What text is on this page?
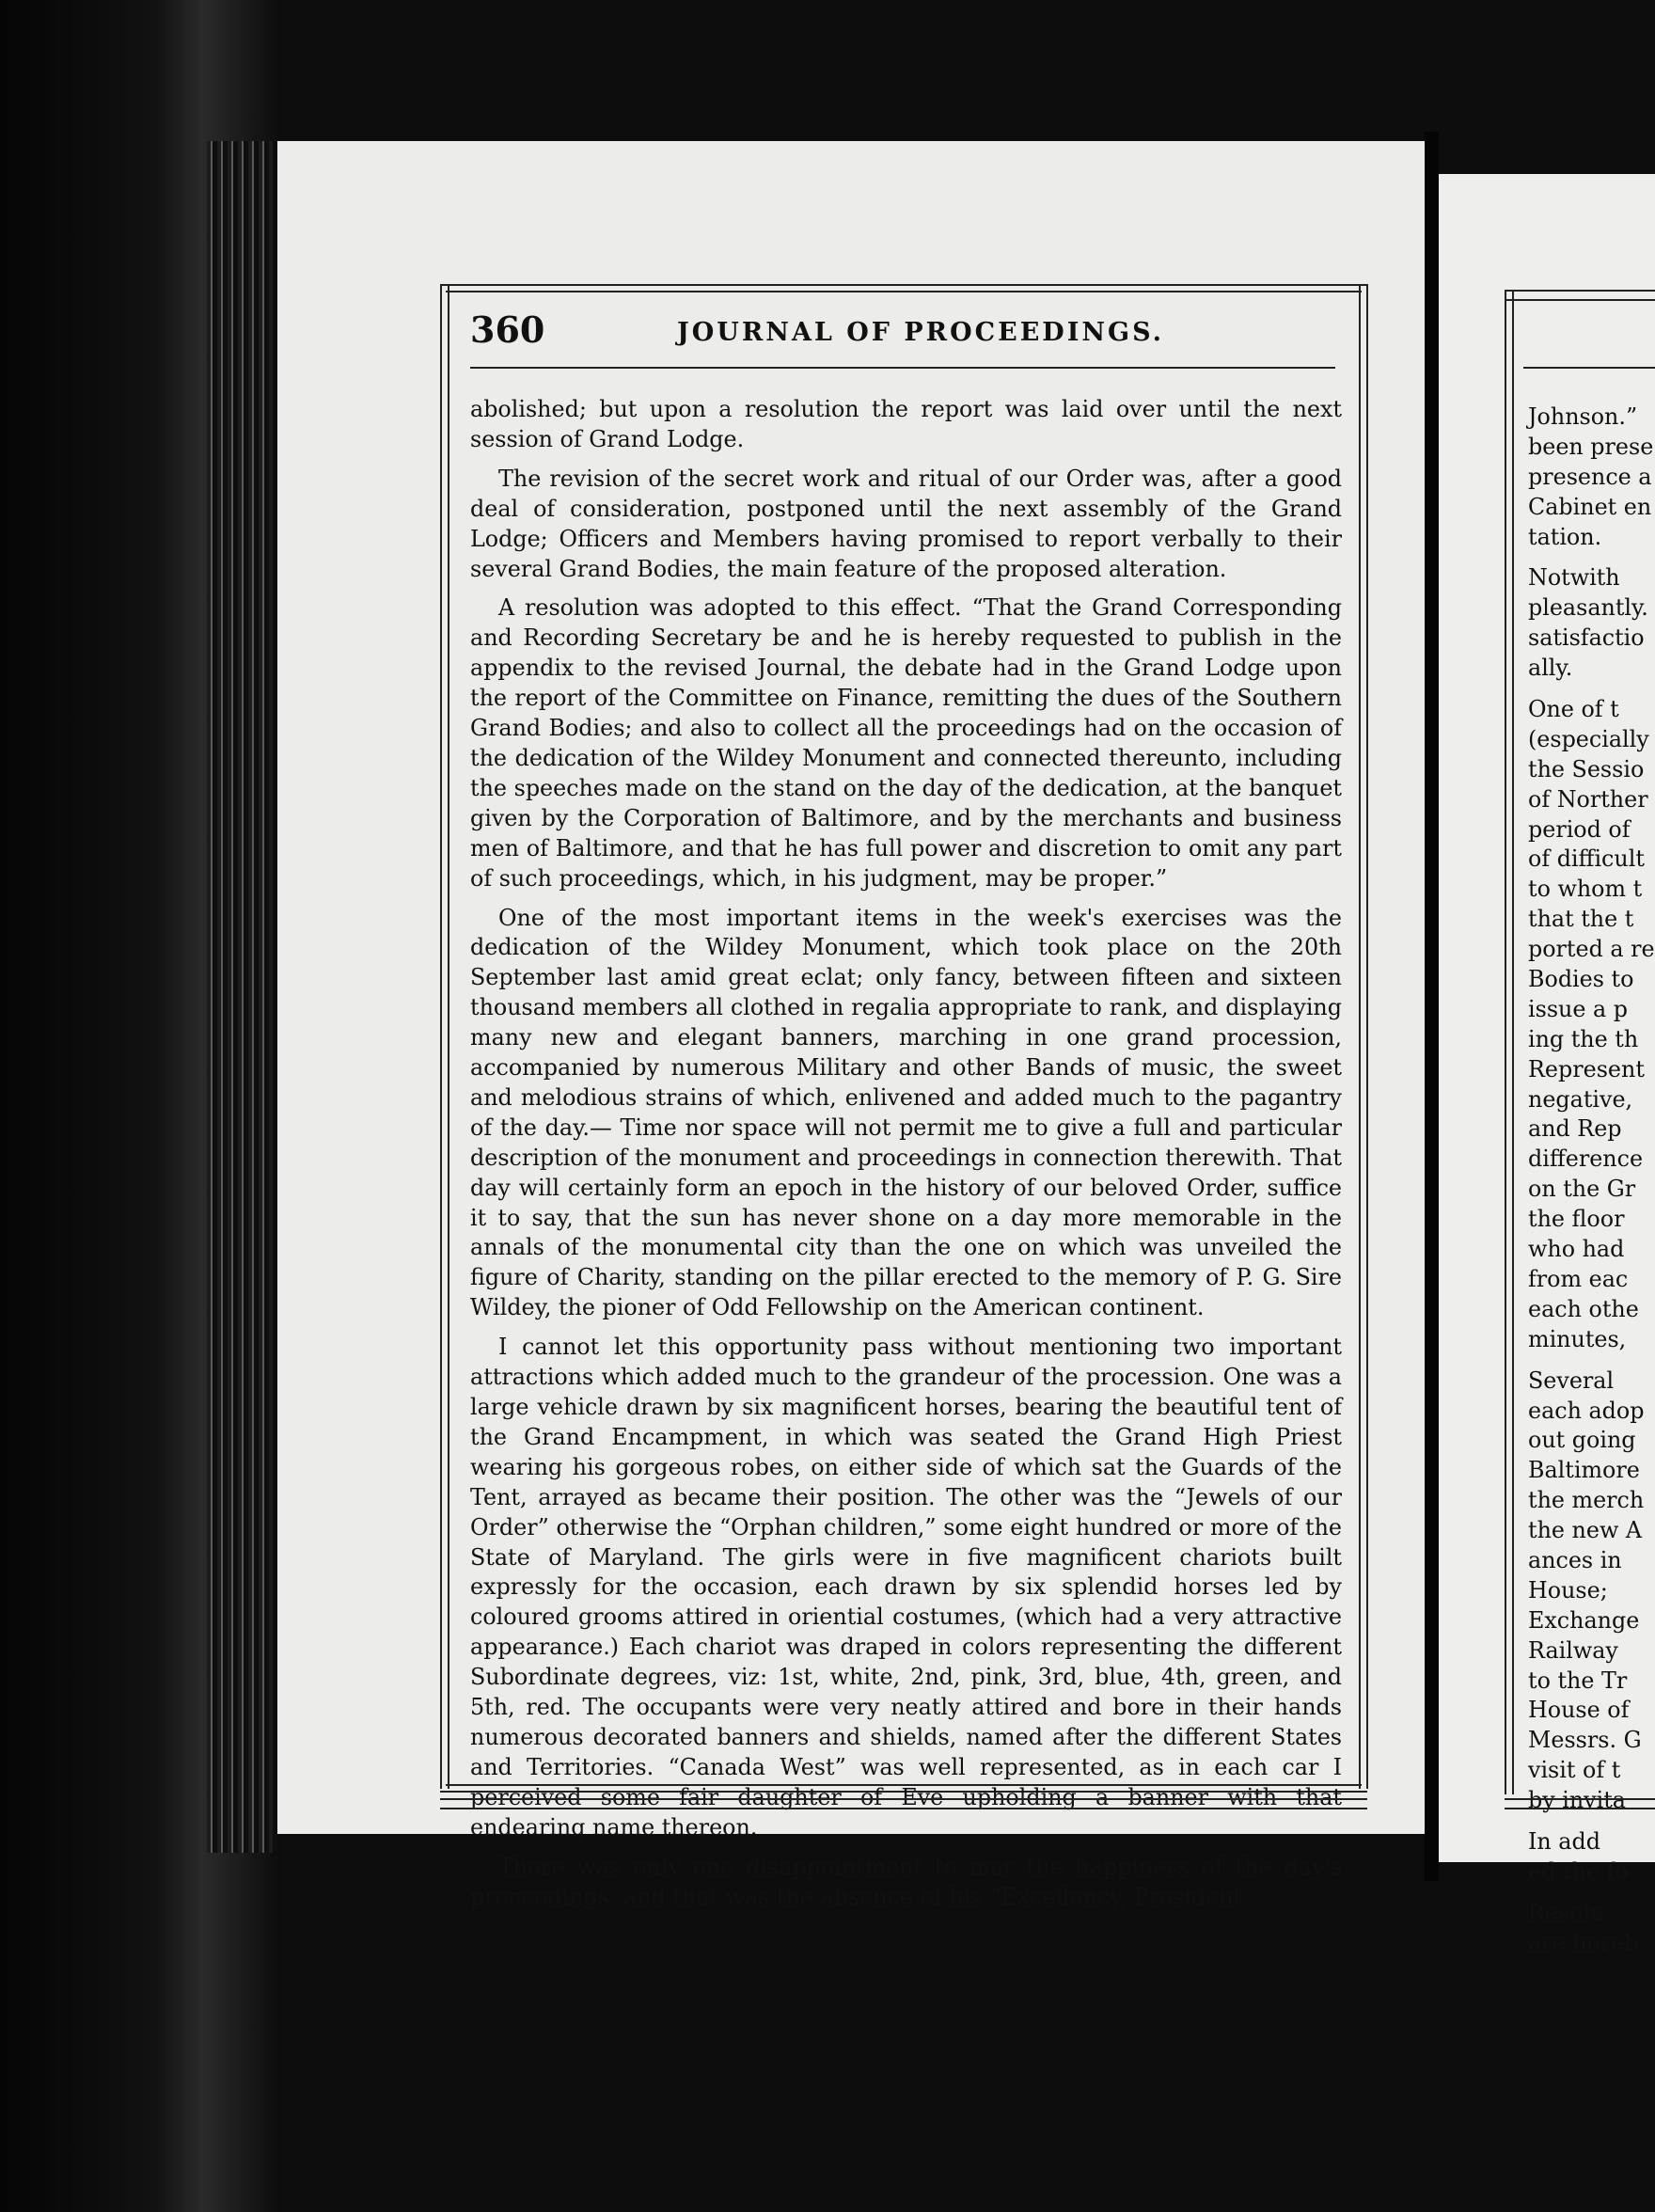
360	JOURNAL OF PROCEEDINGS.

abolished; but upon a resolution the report was laid over until the next session of Grand Lodge.

The revision of the secret work and ritual of our Order was, after a good deal of consideration, postponed until the next assembly of the Grand Lodge; Officers and Members having promised to report verbally to their several Grand Bodies, the main feature of the proposed alteration.

A resolution was adopted to this effect. “That the Grand Corresponding and Recording Secretary be and he is hereby requested to publish in the appendix to the revised Journal, the debate had in the Grand Lodge upon the report of the Committee on Finance, remitting the dues of the Southern Grand Bodies; and also to collect all the proceedings had on the occasion of the dedication of the Wildey Monument and connected thereunto, including the speeches made on the stand on the day of the dedication, at the banquet given by the Corporation of Baltimore, and by the merchants and business men of Baltimore, and that he has full power and discretion to omit any part of such proceedings, which, in his judgment, may be proper.”

One of the most important items in the week's exercises was the dedication of the Wildey Monument, which took place on the 20th September last amid great eclat; only fancy, between fifteen and sixteen thousand members all clothed in regalia appropriate to rank, and displaying many new and elegant banners, marching in one grand procession, accompanied by numerous Military and other Bands of music, the sweet and melodious strains of which, enlivened and added much to the pagantry of the day.— Time nor space will not permit me to give a full and particular description of the monument and proceedings in connection therewith. That day will certainly form an epoch in the history of our beloved Order, suffice it to say, that the sun has never shone on a day more memorable in the annals of the monumental city than the one on which was unveiled the figure of Charity, standing on the pillar erected to the memory of P. G. Sire Wildey, the pioner of Odd Fellowship on the American continent.

I cannot let this opportunity pass without mentioning two important attractions which added much to the grandeur of the procession. One was a large vehicle drawn by six magnificent horses, bearing the beautiful tent of the Grand Encampment, in which was seated the Grand High Priest wearing his gorgeous robes, on either side of which sat the Guards of the Tent, arrayed as became their position. The other was the “Jewels of our Order” otherwise the “Orphan children,” some eight hundred or more of the State of Maryland. The girls were in five magnificent chariots built expressly for the occasion, each drawn by six splendid horses led by coloured grooms attired in oriential costumes, (which had a very attractive appearance.) Each chariot was draped in colors representing the different Subordinate degrees, viz: 1st, white, 2nd, pink, 3rd, blue, 4th, green, and 5th, red. The occupants were very neatly attired and bore in their hands numerous decorated banners and shields, named after the different States and Territories. “Canada West” was well represented, as in each car I perceived some fair daughter of Eve upholding a banner with that endearing name thereon.

There was only one disappointment to mar the happiness of the day's proceedings, and that was the absence of his “Excellency, President

Johnson.”
been prese
presence a
Cabinet en
tation.
Notwith
pleasantly.
satisfactio
ally.
One of t
(especially
the Sessio
of Norther
period of
of difficult
to whom t
that the t
ported a re
Bodies to
issue a p
ing the th
Represent
negative,
and Rep
difference
on the Gr
the floor
who had
from eac
each othe
minutes,
Several
each adop
out going
Baltimore
the merch
the new A
ances in
House;
Exchange
Railway
to the Tr
House of
Messrs. G
visit of t
by invita
In add
ed the fo
Resolu
are hereb
